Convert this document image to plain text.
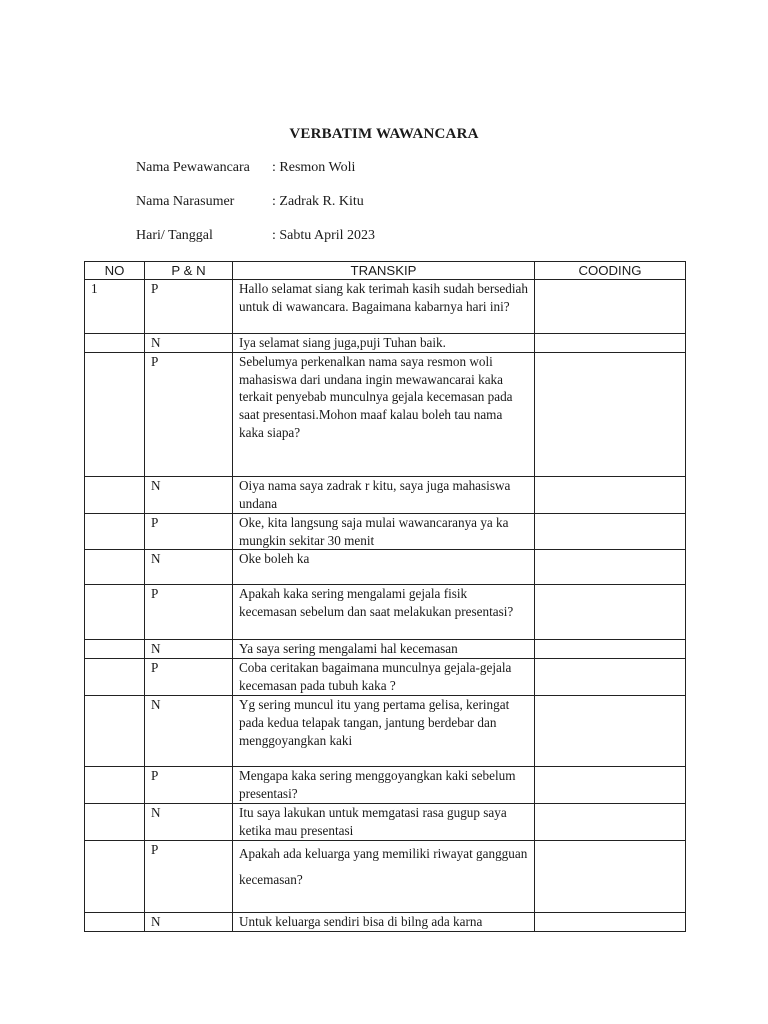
VERBATIM WAWANCARA
Nama Pewawancara : Resmon Woli
Nama Narasumer	: Zadrak R. Kitu
Hari/ Tanggal	: Sabtu April 2023
NO	P & N	TRANSKIP	COODING
1	P	Hallo selamat siang kak terimah kasih sudah bersediah untuk di wawancara. Bagaimana kabarnya hari ini?	
	N	Iya selamat siang juga,puji Tuhan baik.	
	P	Sebelumya perkenalkan nama saya resmon woli mahasiswa dari undana ingin mewawancarai kaka terkait penyebab munculnya gejala kecemasan pada saat presentasi.Mohon maaf kalau boleh tau nama kaka siapa?	
	N	Oiya nama saya zadrak r kitu, saya juga mahasiswa undana	
	P	Oke, kita langsung saja mulai wawancaranya ya ka mungkin sekitar 30 menit	
	N	Oke boleh ka	
	P	Apakah kaka sering mengalami gejala fisik kecemasan sebelum dan saat melakukan presentasi?	
	N	Ya saya sering mengalami hal kecemasan	
	P	Coba ceritakan bagaimana munculnya gejala-gejala kecemasan pada tubuh kaka ?	
	N	Yg sering muncul itu yang pertama gelisa, keringat pada kedua telapak tangan, jantung berdebar dan menggoyangkan kaki	
	P	Mengapa kaka sering menggoyangkan kaki sebelum presentasi?	
	N	Itu saya lakukan untuk memgatasi rasa gugup saya ketika mau presentasi	
	P	Apakah ada keluarga yang memiliki riwayat gangguan kecemasan?	
	N	Untuk keluarga sendiri bisa di bilng ada karna	
